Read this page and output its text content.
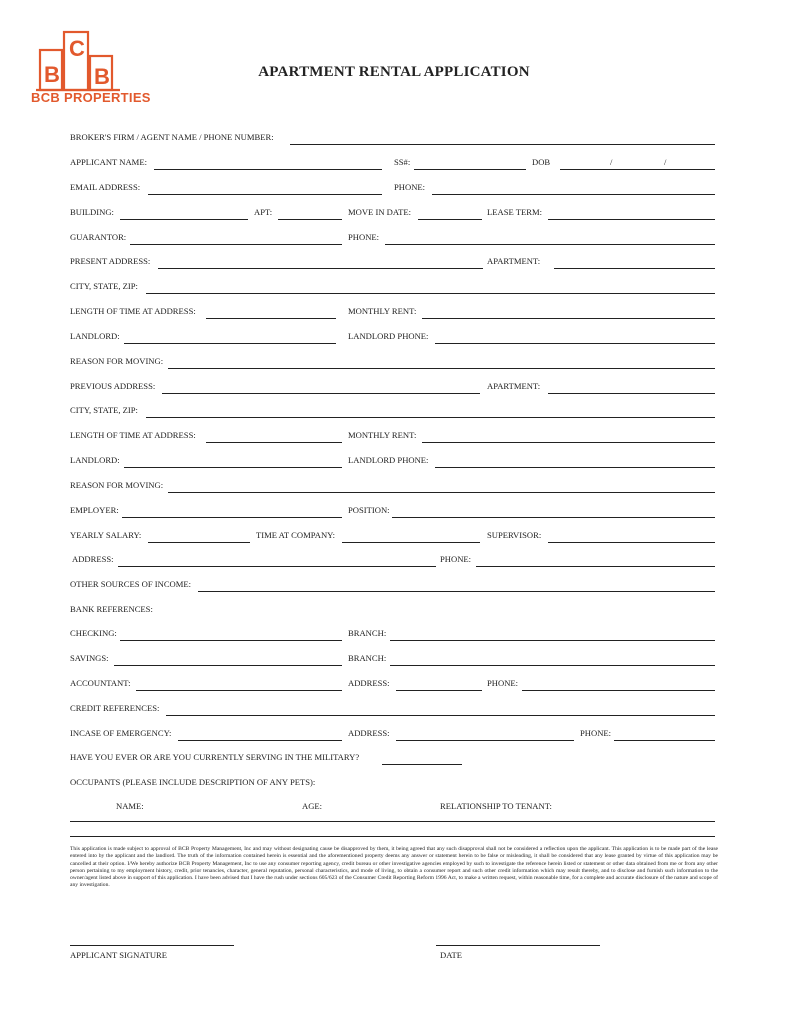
B
C
B
BCB PROPERTIES
APARTMENT RENTAL APPLICATION
BROKER'S FIRM / AGENT NAME / PHONE NUMBER:
APPLICANT NAME:	SS#:	DOB	/	/
EMAIL ADDRESS:	PHONE:
BUILDING:	APT:	MOVE IN DATE:	LEASE TERM:
GUARANTOR:	PHONE:
PRESENT ADDRESS:	APARTMENT:
CITY, STATE, ZIP:
LENGTH OF TIME AT ADDRESS:	MONTHLY RENT:
LANDLORD:	LANDLORD PHONE:
REASON FOR MOVING:
PREVIOUS ADDRESS:	APARTMENT:
CITY, STATE, ZIP:
LENGTH OF TIME AT ADDRESS:	MONTHLY RENT:
LANDLORD:	LANDLORD PHONE:
REASON FOR MOVING:
EMPLOYER:	POSITION:
YEARLY SALARY:	TIME AT COMPANY:	SUPERVISOR:
ADDRESS:	PHONE:
OTHER SOURCES OF INCOME:
BANK REFERENCES:
CHECKING:	BRANCH:
SAVINGS:	BRANCH:
ACCOUNTANT:	ADDRESS:	PHONE:
CREDIT REFERENCES:
INCASE OF EMERGENCY:	ADDRESS:	PHONE:
HAVE YOU EVER OR ARE YOU CURRENTLY SERVING IN THE MILITARY?
OCCUPANTS (PLEASE INCLUDE DESCRIPTION OF ANY PETS):
NAME:	AGE:	RELATIONSHIP TO TENANT:
This application is made subject to approval of BCB Property Management, Inc and may without designating cause be disapproved by them, it being agreed that any such disapproval shall not be considered a reflection upon the applicant. This application is to be made part of the lease entered into by the applicant and the landlord. The truth of the information contained herein is essential and the aforementioned property deems any answer or statement herein to be false or misleading, it shall be considered that any lease granted by virtue of this application may be cancelled at their option. I/We hereby authorize BCB Property Management, Inc to use any consumer reporting agency, credit bureau or other investigative agencies employed by such to investigate the reference herein listed or statement or other data obtained from me or from any other person pertaining to my employment history, credit, prior tenancies, character, general reputation, personal characteristics, and mode of living, to obtain a consumer report and such other credit information which may result thereby, and to disclose and furnish such information to the owner/agent listed above in support of this application. I have been advised that I have the rush under sections 605/623 of the Consumer Credit Reporting Reform 1996 Act, to make a written request, within reasonable time, for a complete and accurate disclosure of the nature and scope of any investigation.
APPLICANT SIGNATURE	DATE
